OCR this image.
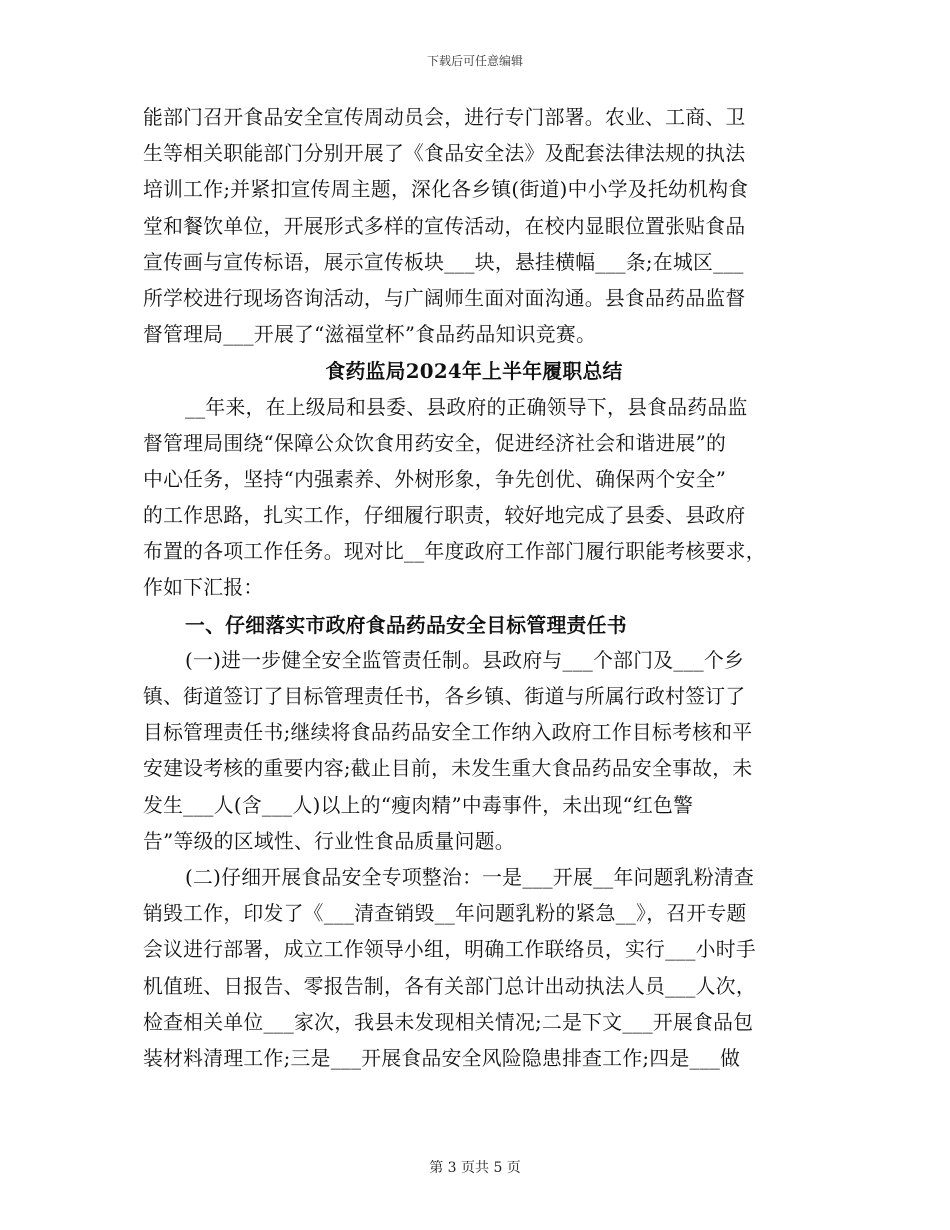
下载后可任意编辑
能部门召开食品安全宣传周动员会，进行专门部署。农业、工商、卫
生等相关职能部门分别开展了《食品安全法》及配套法律法规的执法
培训工作;并紧扣宣传周主题，深化各乡镇(街道)中小学及托幼机构食
堂和餐饮单位，开展形式多样的宣传活动，在校内显眼位置张贴食品
宣传画与宣传标语，展示宣传板块___块，悬挂横幅___条;在城区___
所学校进行现场咨询活动，与广阔师生面对面沟通。县食品药品监督
督管理局___开展了“滋福堂杯”食品药品知识竞赛。
食药监局2024年上半年履职总结
__年来，在上级局和县委、县政府的正确领导下，县食品药品监
督管理局围绕“保障公众饮食用药安全，促进经济社会和谐进展”的
中心任务，坚持“内强素养、外树形象，争先创优、确保两个安全”
的工作思路，扎实工作，仔细履行职责，较好地完成了县委、县政府
布置的各项工作任务。现对比__年度政府工作部门履行职能考核要求，
作如下汇报：
一、仔细落实市政府食品药品安全目标管理责任书
(一)进一步健全安全监管责任制。县政府与___个部门及___个乡
镇、街道签订了目标管理责任书，各乡镇、街道与所属行政村签订了
目标管理责任书;继续将食品药品安全工作纳入政府工作目标考核和平
安建设考核的重要内容;截止目前，未发生重大食品药品安全事故，未
发生___人(含___人)以上的“瘦肉精”中毒事件，未出现“红色警
告”等级的区域性、行业性食品质量问题。
(二)仔细开展食品安全专项整治：一是___开展__年问题乳粉清查
销毁工作，印发了《___清查销毁__年问题乳粉的紧急__》，召开专题
会议进行部署，成立工作领导小组，明确工作联络员，实行___小时手
机值班、日报告、零报告制，各有关部门总计出动执法人员___人次，
检查相关单位___家次，我县未发现相关情况;二是下文___开展食品包
装材料清理工作;三是___开展食品安全风险隐患排查工作;四是___做
第 3 页共 5 页
